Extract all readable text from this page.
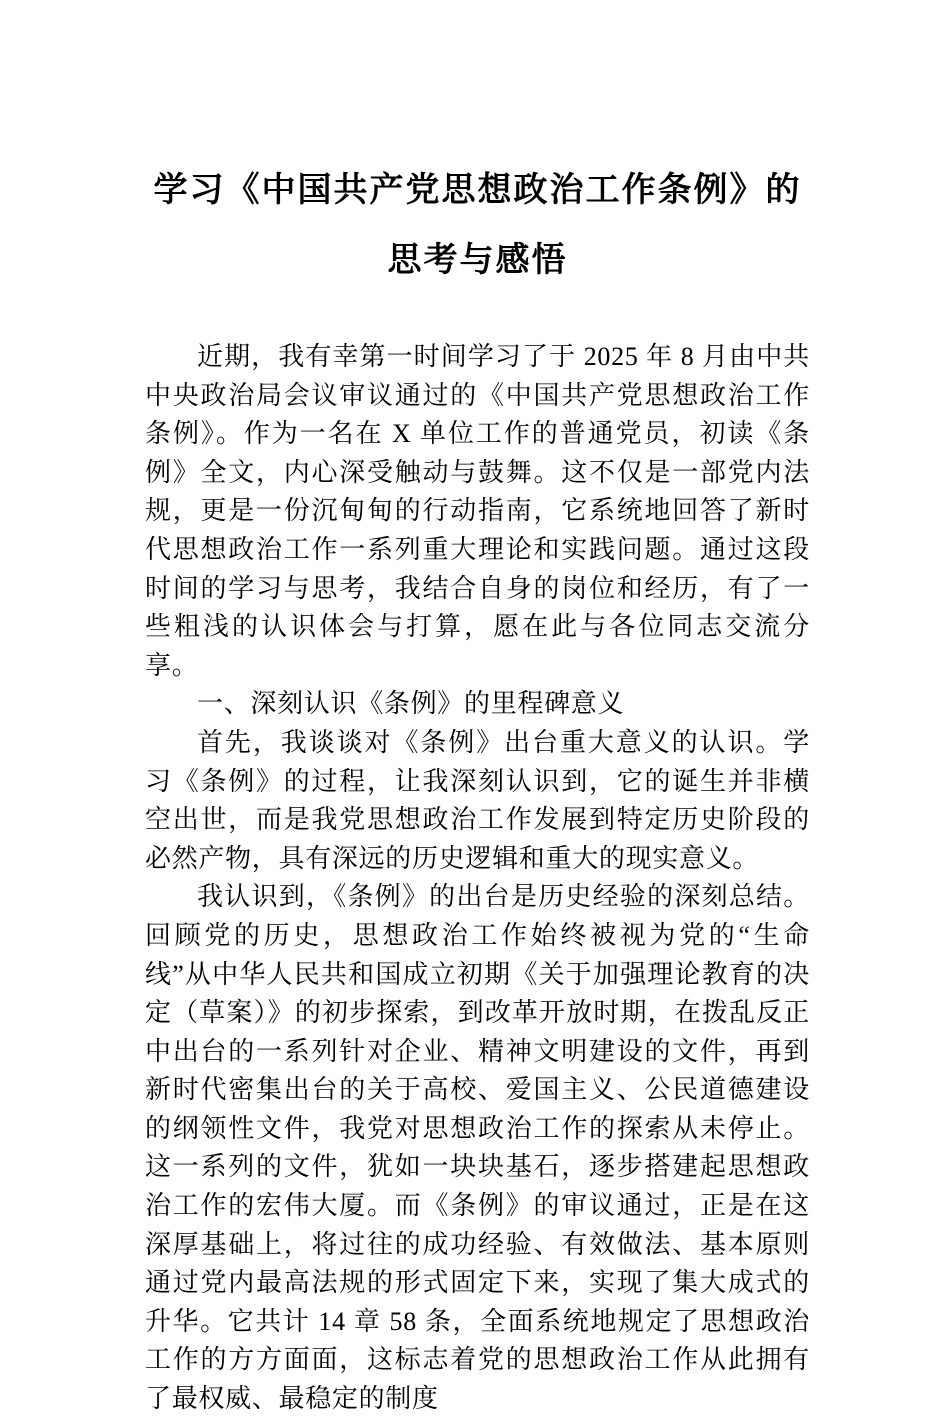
学习《中国共产党思想政治工作条例》的
思考与感悟

近期，我有幸第一时间学习了于 2025 年 8 月由中共中央政治局会议审议通过的《中国共产党思想政治工作条例》。作为一名在 X 单位工作的普通党员，初读《条例》全文，内心深受触动与鼓舞。这不仅是一部党内法规，更是一份沉甸甸的行动指南，它系统地回答了新时代思想政治工作一系列重大理论和实践问题。通过这段时间的学习与思考，我结合自身的岗位和经历，有了一些粗浅的认识体会与打算，愿在此与各位同志交流分享。

一、深刻认识《条例》的里程碑意义

首先，我谈谈对《条例》出台重大意义的认识。学习《条例》的过程，让我深刻认识到，它的诞生并非横空出世，而是我党思想政治工作发展到特定历史阶段的必然产物，具有深远的历史逻辑和重大的现实意义。

我认识到，《条例》的出台是历史经验的深刻总结。回顾党的历史，思想政治工作始终被视为党的“生命线”从中华人民共和国成立初期《关于加强理论教育的决定（草案）》的初步探索，到改革开放时期，在拨乱反正中出台的一系列针对企业、精神文明建设的文件，再到新时代密集出台的关于高校、爱国主义、公民道德建设的纲领性文件，我党对思想政治工作的探索从未停止。这一系列的文件，犹如一块块基石，逐步搭建起思想政治工作的宏伟大厦。而《条例》的审议通过，正是在这深厚基础上，将过往的成功经验、有效做法、基本原则通过党内最高法规的形式固定下来，实现了集大成式的升华。它共计 14 章 58 条，全面系统地规定了思想政治工作的方方面面，这标志着党的思想政治工作从此拥有了最权威、最稳定的制度
